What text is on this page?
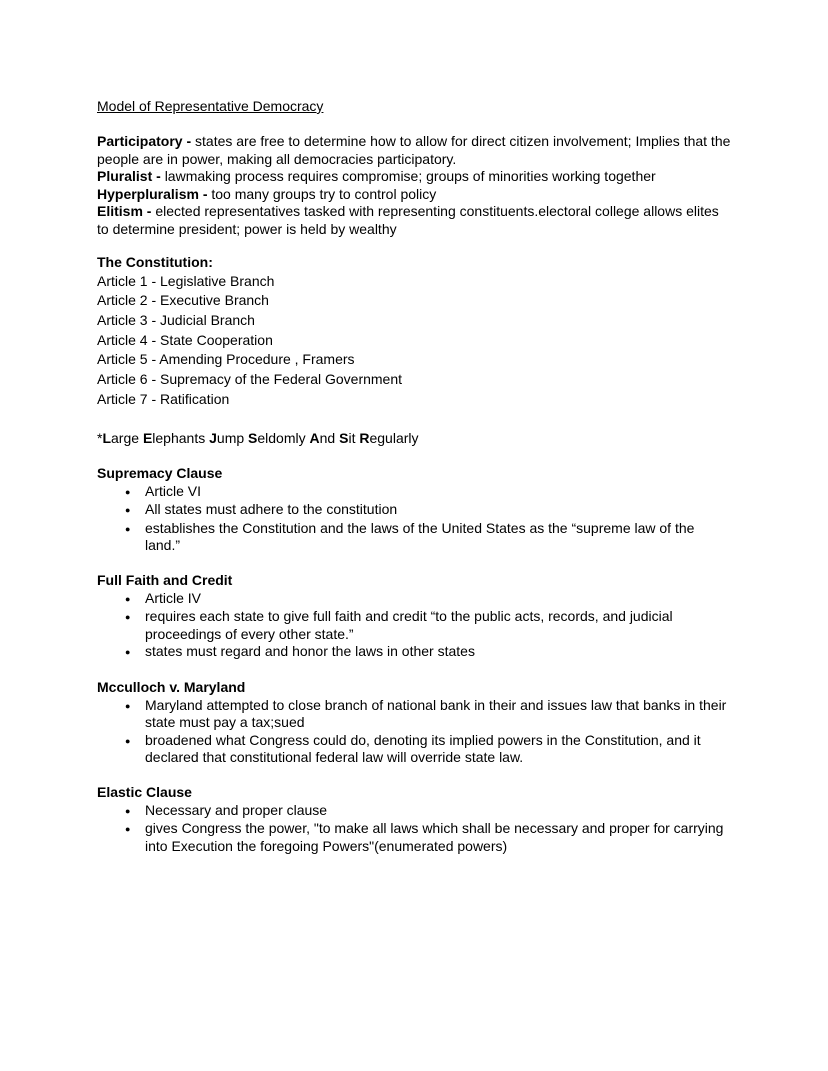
Model of Representative Democracy
Participatory - states are free to determine how to allow for direct citizen involvement; Implies that the people are in power, making all democracies participatory.
Pluralist - lawmaking process requires compromise; groups of minorities working together
Hyperpluralism - too many groups try to control policy
Elitism - elected representatives tasked with representing constituents.electoral college allows elites to determine president; power is held by wealthy
The Constitution:
Article 1 - Legislative Branch
Article 2 - Executive Branch
Article 3 - Judicial Branch
Article 4 - State Cooperation
Article 5 - Amending Procedure , Framers
Article 6 - Supremacy of the Federal Government
Article 7 - Ratification

*Large Elephants Jump Seldomly And Sit Regularly

Supremacy Clause
●	Article VI
●	All states must adhere to the constitution
●	establishes the Constitution and the laws of the United States as the “supreme law of the land.”
Full Faith and Credit
●	Article IV
●	requires each state to give full faith and credit “to the public acts, records, and judicial proceedings of every other state.”
●	states must regard and honor the laws in other states
Mcculloch v. Maryland
●	Maryland attempted to close branch of national bank in their and issues law that banks in their state must pay a tax;sued
●	broadened what Congress could do, denoting its implied powers in the Constitution, and it declared that constitutional federal law will override state law.
Elastic Clause
●	Necessary and proper clause
●	gives Congress the power, "to make all laws which shall be necessary and proper for carrying into Execution the foregoing Powers"(enumerated powers)
